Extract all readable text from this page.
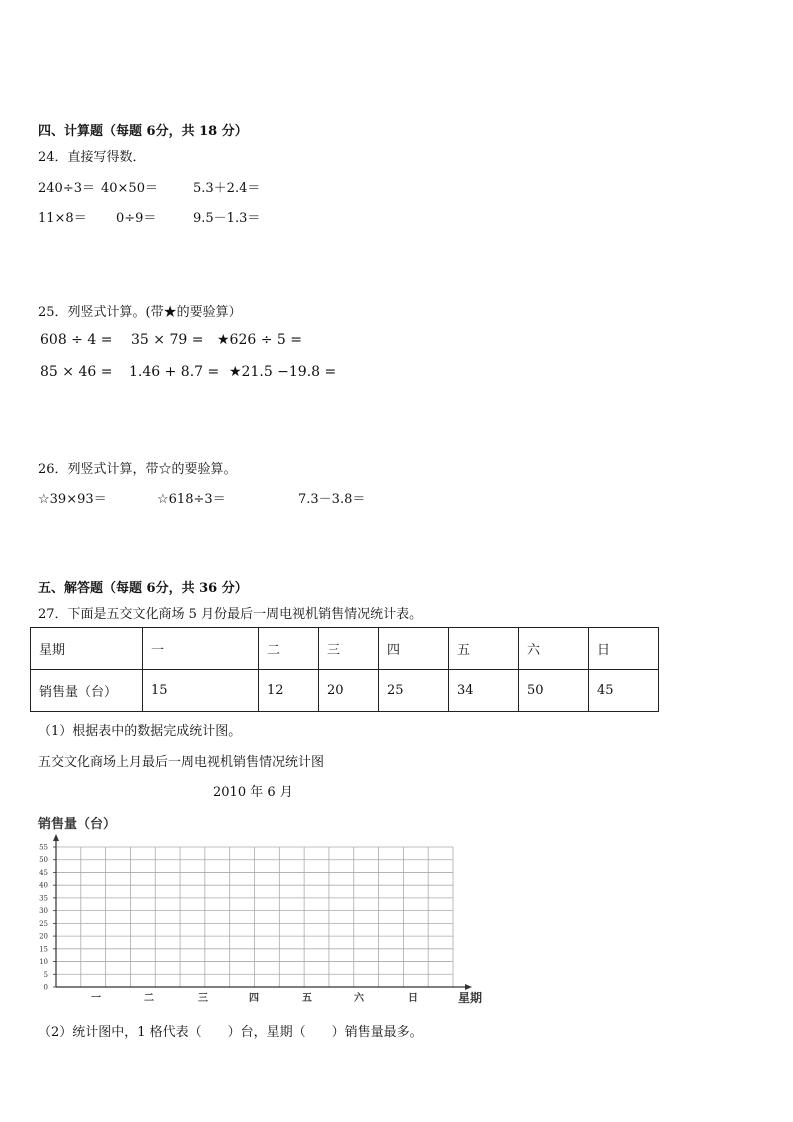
四、计算题（每题 6分，共 18 分）
24．直接写得数．
240÷3＝ 40×50＝	5.3＋2.4＝
11×8＝ 0÷9＝	9.5－1.3＝
25．列竖式计算。(带★的要验算）
608 ÷ 4 = 35 × 79 = ★626 ÷ 5 =
85 × 46 = 1.46 + 8.7 = ★21.5 −19.8 =
26．列竖式计算，带☆的要验算。
☆39×93＝	☆618÷3＝	7.3－3.8＝
五、解答题（每题 6分，共 36 分）
27．下面是五交文化商场 5 月份最后一周电视机销售情况统计表。
星期	一	二	三	四	五	六	日
销售量（台）	15	12	20	25	34	50	45
（1）根据表中的数据完成统计图。
五交文化商场上月最后一周电视机销售情况统计图
2010 年 6 月
销售量（台）
0
5
10
15
20
25
30
35
40
45
50
55
一	二	三	四	五	六	日	星期
（2）统计图中，1 格代表（　　）台，星期（　　）销售量最多。
